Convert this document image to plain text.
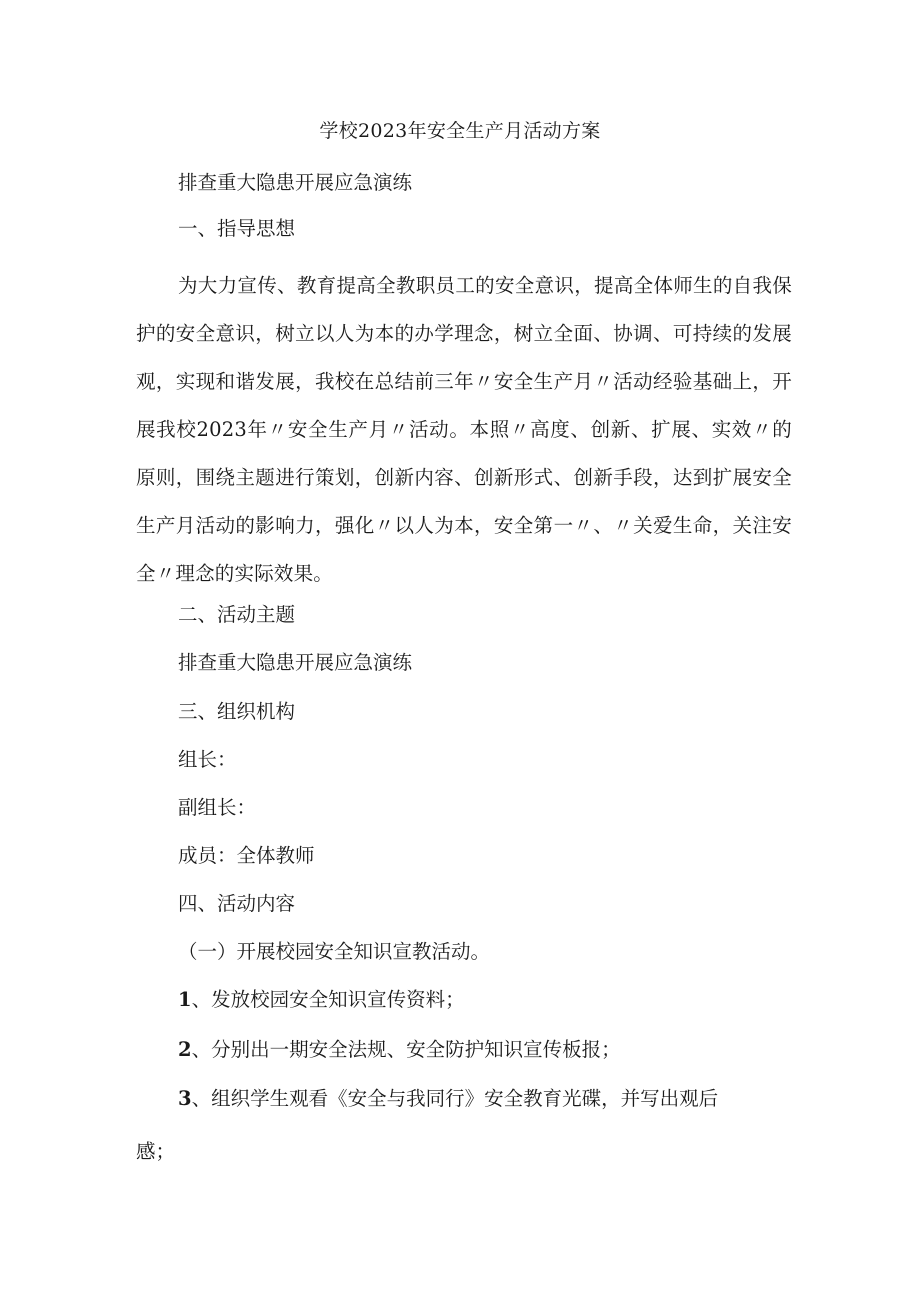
学校2023年安全生产月活动方案
排查重大隐患开展应急演练
一、指导思想
为大力宣传、教育提高全教职员工的安全意识，提高全体师生的自我保护的安全意识，树立以人为本的办学理念，树立全面、协调、可持续的发展观，实现和谐发展，我校在总结前三年〃安全生产月〃活动经验基础上，开展我校2023年〃安全生产月〃活动。本照〃高度、创新、扩展、实效〃的原则，围绕主题进行策划，创新内容、创新形式、创新手段，达到扩展安全生产月活动的影响力，强化〃以人为本，安全第一〃、〃关爱生命，关注安全〃理念的实际效果。
二、活动主题
排查重大隐患开展应急演练
三、组织机构
组长：
副组长：
成员：全体教师
四、活动内容
（一）开展校园安全知识宣教活动。
1、发放校园安全知识宣传资料；
2、分别出一期安全法规、安全防护知识宣传板报；
3、组织学生观看《安全与我同行》安全教育光碟，并写出观后
感；
